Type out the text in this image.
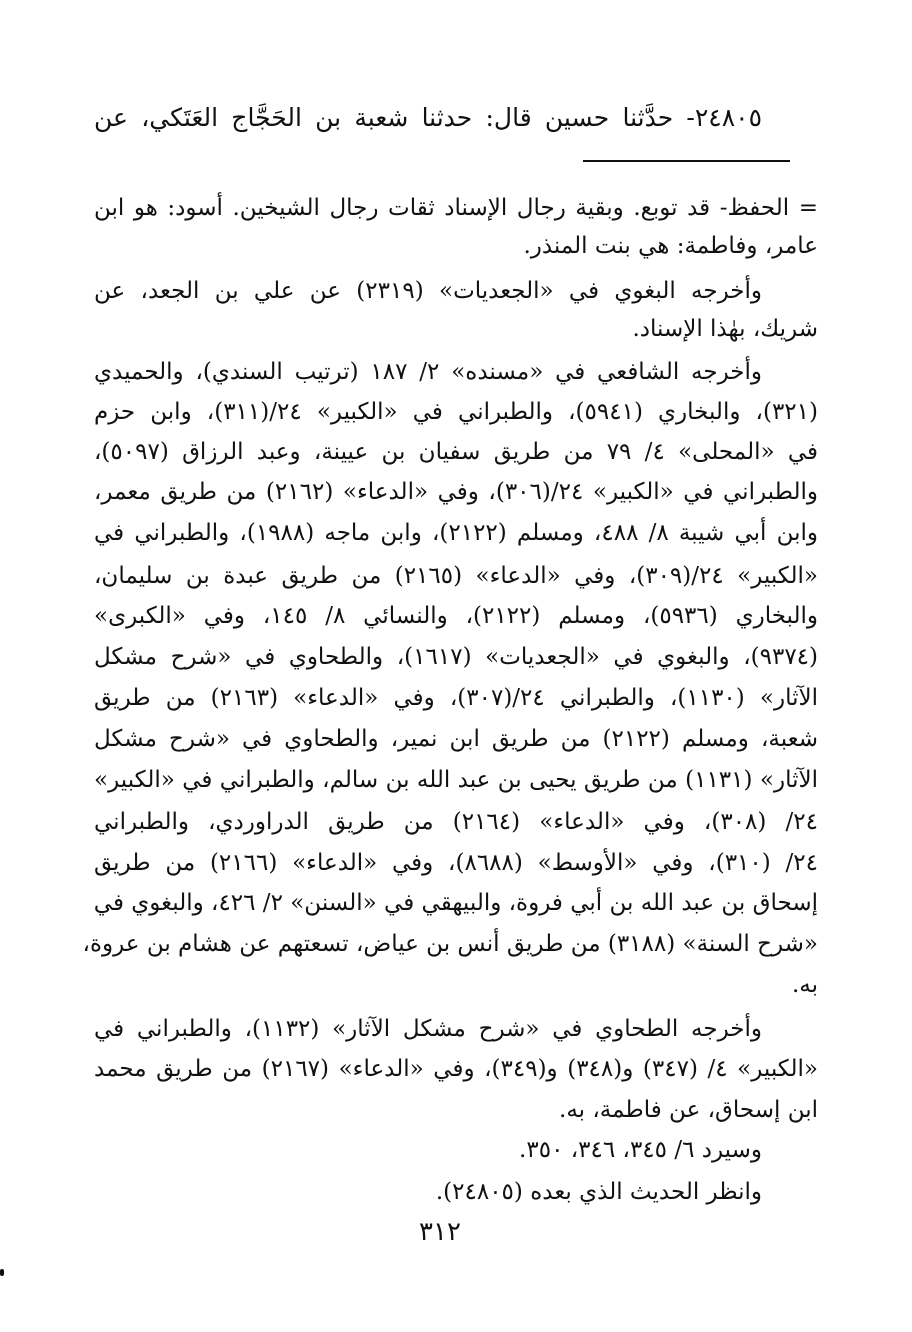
٢٤٨٠٥- حدَّثنا حسين قال: حدثنا شعبة بن الحَجَّاج العَتَكي، عن
= الحفظ- قد توبع. وبقية رجال الإسناد ثقات رجال الشيخين. أسود: هو ابن
عامر، وفاطمة: هي بنت المنذر.
وأخرجه البغوي في «الجعديات» (٢٣١٩) عن علي بن الجعد، عن
شريك، بهٰذا الإسناد.
وأخرجه الشافعي في «مسنده» ٢/ ١٨٧ (ترتيب السندي)، والحميدي
(٣٢١)، والبخاري (٥٩٤١)، والطبراني في «الكبير» ٢٤/(٣١١)، وابن حزم
في «المحلى» ٤/ ٧٩ من طريق سفيان بن عيينة، وعبد الرزاق (٥٠٩٧)،
والطبراني في «الكبير» ٢٤/(٣٠٦)، وفي «الدعاء» (٢١٦٢) من طريق معمر،
وابن أبي شيبة ٨/ ٤٨٨، ومسلم (٢١٢٢)، وابن ماجه (١٩٨٨)، والطبراني في
«الكبير» ٢٤/(٣٠٩)، وفي «الدعاء» (٢١٦٥) من طريق عبدة بن سليمان،
والبخاري (٥٩٣٦)، ومسلم (٢١٢٢)، والنسائي ٨/ ١٤٥، وفي «الكبرى»
(٩٣٧٤)، والبغوي في «الجعديات» (١٦١٧)، والطحاوي في «شرح مشكل
الآثار» (١١٣٠)، والطبراني ٢٤/(٣٠٧)، وفي «الدعاء» (٢١٦٣) من طريق
شعبة، ومسلم (٢١٢٢) من طريق ابن نمير، والطحاوي في «شرح مشكل
الآثار» (١١٣١) من طريق يحيى بن عبد الله بن سالم، والطبراني في «الكبير»
٢٤/ (٣٠٨)، وفي «الدعاء» (٢١٦٤) من طريق الدراوردي، والطبراني
٢٤/ (٣١٠)، وفي «الأوسط» (٨٦٨٨)، وفي «الدعاء» (٢١٦٦) من طريق
إسحاق بن عبد الله بن أبي فروة، والبيهقي في «السنن» ٢/ ٤٢٦، والبغوي في
«شرح السنة» (٣١٨٨) من طريق أنس بن عياض، تسعتهم عن هشام بن عروة،
به.
وأخرجه الطحاوي في «شرح مشكل الآثار» (١١٣٢)، والطبراني في
«الكبير» ٤/ (٣٤٧) و(٣٤٨) و(٣٤٩)، وفي «الدعاء» (٢١٦٧) من طريق محمد
ابن إسحاق، عن فاطمة، به.
وسيرد ٦/ ٣٤٥، ٣٤٦، ٣٥٠.
وانظر الحديث الذي بعده (٢٤٨٠٥).
٣١٢
